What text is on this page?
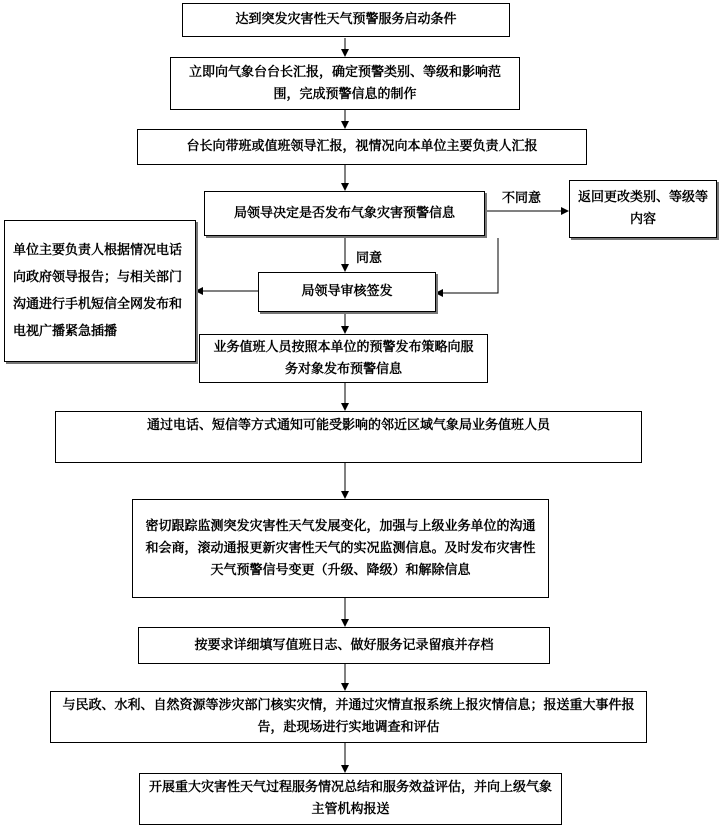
达到突发灾害性天气预警服务启动条件
立即向气象台台长汇报，确定预警类别、等级和影响范围，完成预警信息的制作
台长向带班或值班领导汇报，视情况向本单位主要负责人汇报
局领导决定是否发布气象灾害预警信息
不同意	返回更改类别、等级等内容
同意
单位主要负责人根据情况电话向政府领导报告；与相关部门沟通进行手机短信全网发布和电视广播紧急插播
局领导审核签发
业务值班人员按照本单位的预警发布策略向服务对象发布预警信息
通过电话、短信等方式通知可能受影响的邻近区域气象局业务值班人员
密切跟踪监测突发灾害性天气发展变化，加强与上级业务单位的沟通和会商，滚动通报更新灾害性天气的实况监测信息。及时发布灾害性天气预警信号变更（升级、降级）和解除信息
按要求详细填写值班日志、做好服务记录留痕并存档
与民政、水利、自然资源等涉灾部门核实灾情，并通过灾情直报系统上报灾情信息；报送重大事件报告，赴现场进行实地调查和评估
开展重大灾害性天气过程服务情况总结和服务效益评估，并向上级气象主管机构报送
